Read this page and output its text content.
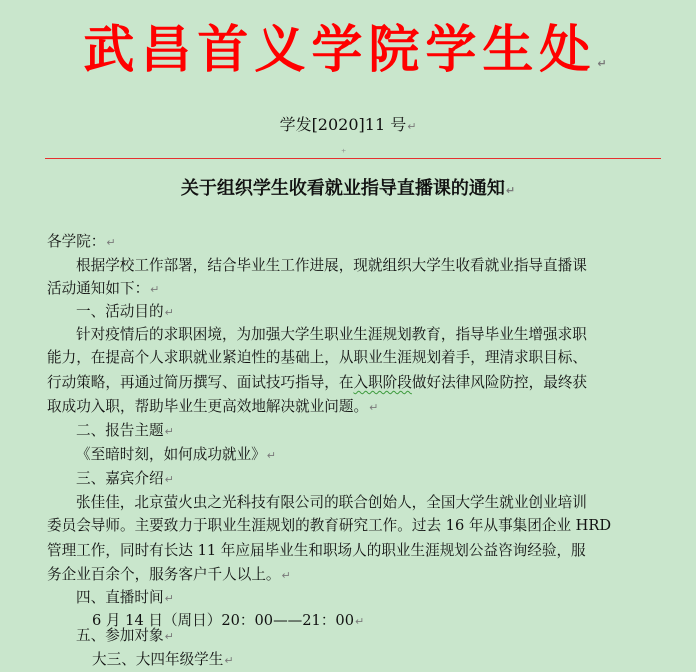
武昌首义学院学生处↵
学发[2020]11 号↵
⁺
关于组织学生收看就业指导直播课的通知↵
各学院：↵
根据学校工作部署，结合毕业生工作进展，现就组织大学生收看就业指导直播课
活动通知如下：↵
一、活动目的↵
针对疫情后的求职困境，为加强大学生职业生涯规划教育，指导毕业生增强求职
能力，在提高个人求职就业紧迫性的基础上，从职业生涯规划着手，理清求职目标、
行动策略，再通过简历撰写、面试技巧指导，在入职阶段做好法律风险防控，最终获
取成功入职，帮助毕业生更高效地解决就业问题。↵
二、报告主题↵
《至暗时刻，如何成功就业》↵
三、嘉宾介绍↵
张佳佳，北京萤火虫之光科技有限公司的联合创始人，全国大学生就业创业培训
委员会导师。主要致力于职业生涯规划的教育研究工作。过去 16 年从事集团企业 HRD
管理工作，同时有长达 11 年应届毕业生和职场人的职业生涯规划公益咨询经验，服
务企业百余个，服务客户千人以上。↵
四、直播时间↵
6 月 14 日（周日）20：00——21：00↵
五、参加对象↵
大三、大四年级学生↵
